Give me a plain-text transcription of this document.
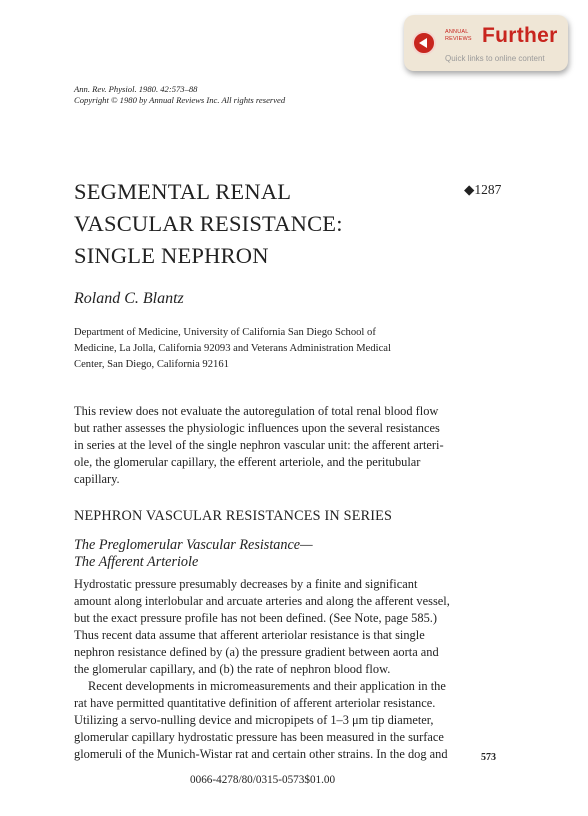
ANNUAL
REVIEWS Further
Quick links to online content
Ann. Rev. Physiol. 1980. 42:573–88
Copyright © 1980 by Annual Reviews Inc. All rights reserved
SEGMENTAL RENAL
VASCULAR RESISTANCE:
SINGLE NEPHRON
◆1287
Roland C. Blantz
Department of Medicine, University of California San Diego School of
Medicine, La Jolla, California 92093 and Veterans Administration Medical
Center, San Diego, California 92161
This review does not evaluate the autoregulation of total renal blood flow
but rather assesses the physiologic influences upon the several resistances
in series at the level of the single nephron vascular unit: the afferent arteri-
ole, the glomerular capillary, the efferent arteriole, and the peritubular
capillary.
NEPHRON VASCULAR RESISTANCES IN SERIES
The Preglomerular Vascular Resistance—
The Afferent Arteriole
Hydrostatic pressure presumably decreases by a finite and significant
amount along interlobular and arcuate arteries and along the afferent vessel,
but the exact pressure profile has not been defined. (See Note, page 585.)
Thus recent data assume that afferent arteriolar resistance is that single
nephron resistance defined by (a) the pressure gradient between aorta and
the glomerular capillary, and (b) the rate of nephron blood flow.
Recent developments in micromeasurements and their application in the
rat have permitted quantitative definition of afferent arteriolar resistance.
Utilizing a servo-nulling device and micropipets of 1–3 μm tip diameter,
glomerular capillary hydrostatic pressure has been measured in the surface
glomeruli of the Munich-Wistar rat and certain other strains. In the dog and	573
0066-4278/80/0315-0573$01.00
